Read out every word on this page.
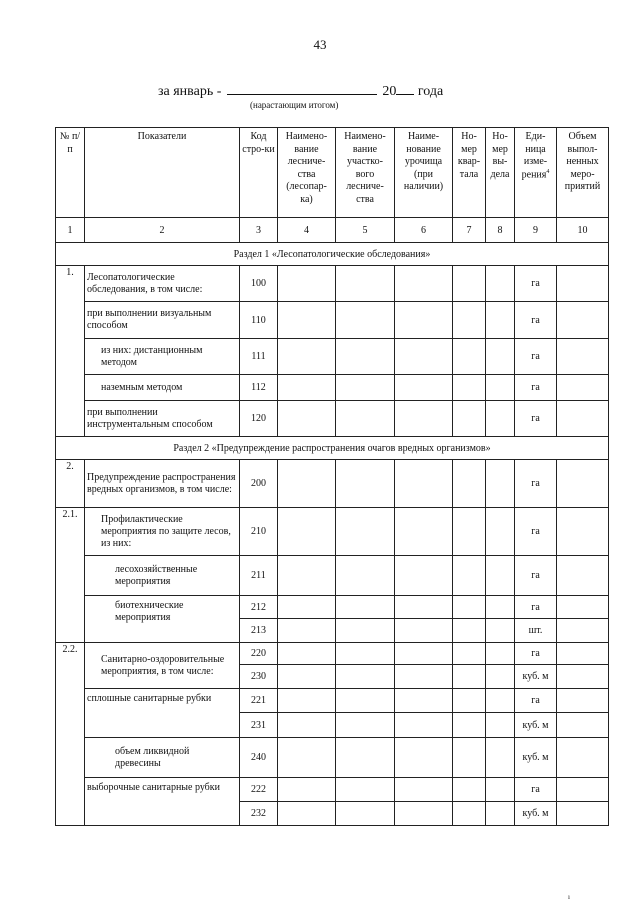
43
за январь -	20 года
(нарастающим итогом)
№ п/п	Показатели	Код стро-ки	Наимено-вание лесниче-ства (лесопар-ка)	Наимено-вание участко-вого лесниче-ства	Наиме-нование урочища (при наличии)	Но-мер квар-тала	Но-мер вы-дела	Еди-ница изме-рения$^4$	Объем выпол-ненных меро-приятий
1	2	3	4	5	6	7	8	9	10
Раздел 1 «Лесопатологические обследования»									
1.	Лесопатологические обследования, в том числе:	100						га	
	при выполнении визуальным способом	110						га	
	из них: дистанционным методом	111						га	
	наземным методом	112						га	
	при выполнении инструментальным способом	120						га	
Раздел 2 «Предупреждение распространения очагов вредных организмов»									
2.	Предупреждение распространения вредных организмов, в том числе:	200						га	
2.1.	Профилактические мероприятия по защите лесов, из них:	210						га	
	лесохозяйственные мероприятия	211						га	
	биотехнические мероприятия	212						га	
		213						шт.	
2.2.	Санитарно-оздоровительные мероприятия, в том числе:	220						га	
		230						куб. м	
	сплошные санитарные рубки	221						га	
		231						куб. м	
	объем ликвидной древесины	240						куб. м	
	выборочные санитарные рубки	222						га	
		232						куб. м	
ı
